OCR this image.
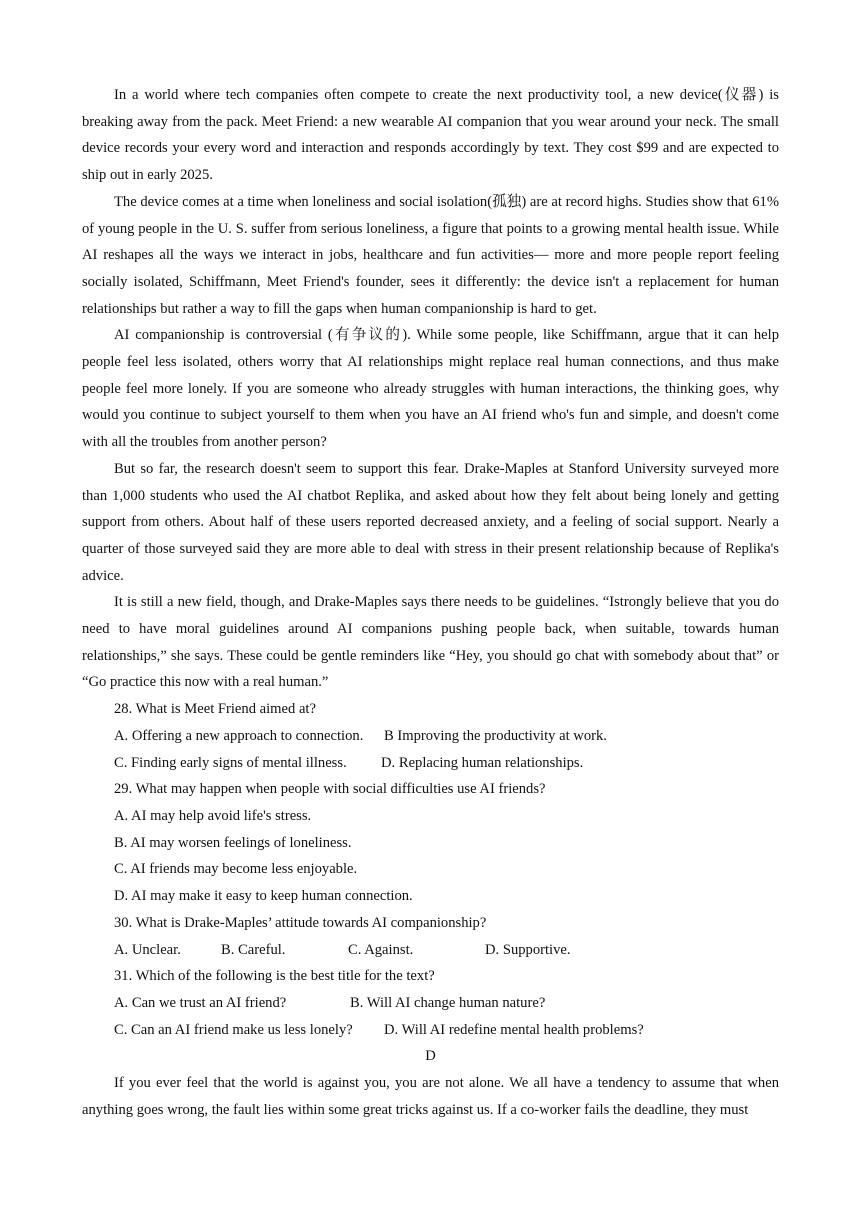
In a world where tech companies often compete to create the next productivity tool, a new device(仪器) is breaking away from the pack. Meet Friend: a new wearable AI companion that you wear around your neck. The small device records your every word and interaction and responds accordingly by text. They cost $99 and are expected to ship out in early 2025.

The device comes at a time when loneliness and social isolation(孤独) are at record highs. Studies show that 61% of young people in the U. S. suffer from serious loneliness, a figure that points to a growing mental health issue. While AI reshapes all the ways we interact in jobs, healthcare and fun activities— more and more people report feeling socially isolated, Schiffmann, Meet Friend's founder, sees it differently: the device isn't a replacement for human relationships but rather a way to fill the gaps when human companionship is hard to get.

AI companionship is controversial (有争议的). While some people, like Schiffmann, argue that it can help people feel less isolated, others worry that AI relationships might replace real human connections, and thus make people feel more lonely. If you are someone who already struggles with human interactions, the thinking goes, why would you continue to subject yourself to them when you have an AI friend who's fun and simple, and doesn't come with all the troubles from another person?

But so far, the research doesn't seem to support this fear. Drake-Maples at Stanford University surveyed more than 1,000 students who used the AI chatbot Replika, and asked about how they felt about being lonely and getting support from others. About half of these users reported decreased anxiety, and a feeling of social support. Nearly a quarter of those surveyed said they are more able to deal with stress in their present relationship because of Replika's advice.

It is still a new field, though, and Drake-Maples says there needs to be guidelines. “Istrongly believe that you do need to have moral guidelines around AI companions pushing people back, when suitable, towards human relationships,” she says. These could be gentle reminders like “Hey, you should go chat with somebody about that” or “Go practice this now with a real human.”

28. What is Meet Friend aimed at?

A. Offering a new approach to connection.	B Improving the productivity at work.
C. Finding early signs of mental illness.	D. Replacing human relationships.

29. What may happen when people with social difficulties use AI friends?

A. AI may help avoid life's stress.

B. AI may worsen feelings of loneliness.

C. AI friends may become less enjoyable.

D. AI may make it easy to keep human connection.

30. What is Drake-Maples’ attitude towards AI companionship?

A. Unclear.	B. Careful.	C. Against.	D. Supportive.

31. Which of the following is the best title for the text?

A. Can we trust an AI friend?	B. Will AI change human nature?
C. Can an AI friend make us less lonely?	D. Will AI redefine mental health problems?

D

If you ever feel that the world is against you, you are not alone. We all have a tendency to assume that when anything goes wrong, the fault lies within some great tricks against us. If a co-worker fails the deadline, they must
